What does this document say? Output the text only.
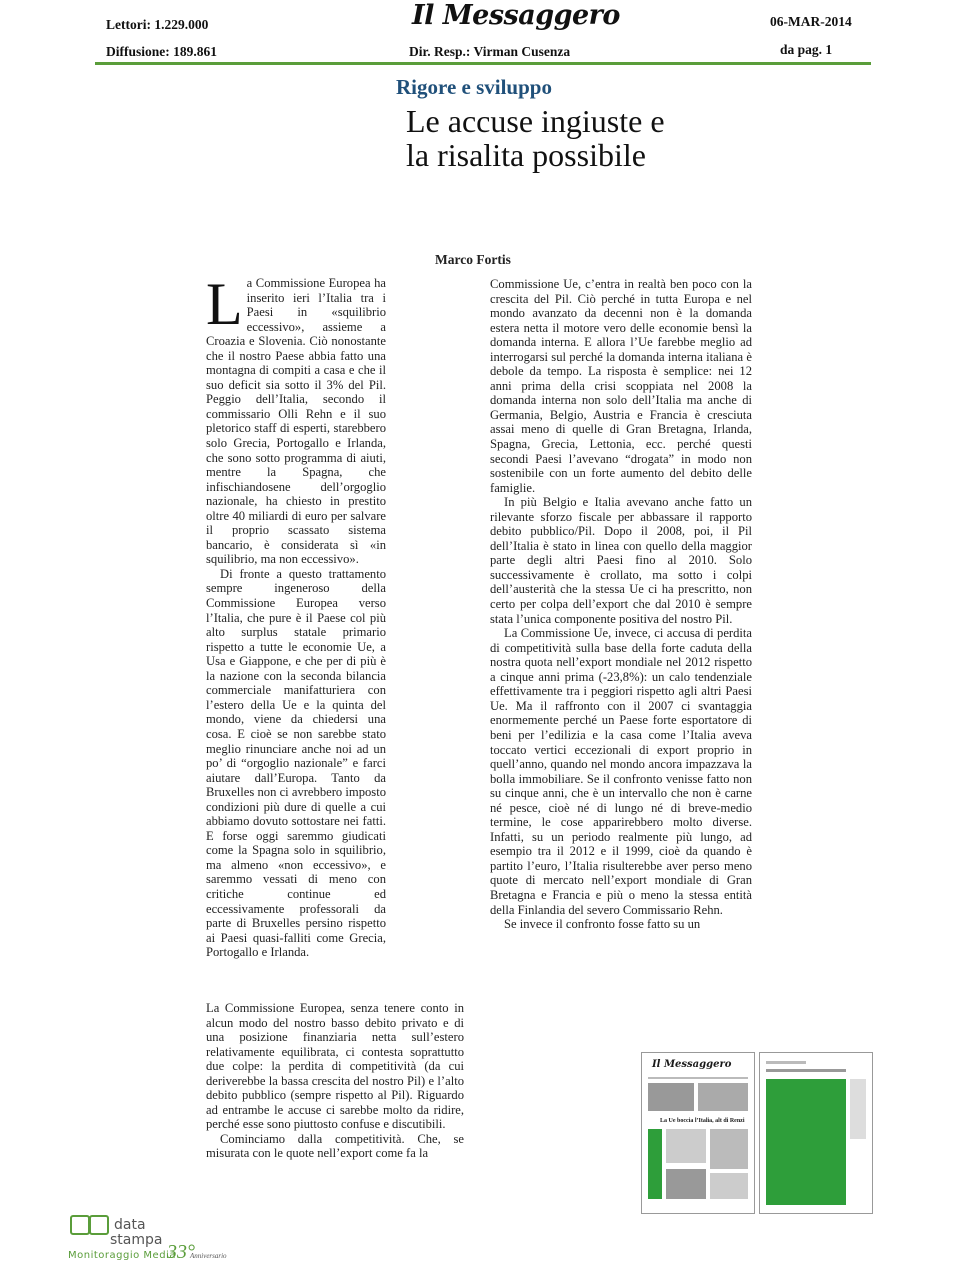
Lettori: 1.229.000
Diffusione: 189.861
Il Messaggero
Dir. Resp.: Virman Cusenza
06-MAR-2014
da pag. 1
Rigore e sviluppo
Le accuse ingiuste e la risalita possibile
Marco Fortis

La Commissione Europea ha inserito ieri l’Italia tra i Paesi in «squilibrio eccessivo», assieme a Croazia e Slovenia. Ciò nonostante che il nostro Paese abbia fatto una montagna di compiti a casa e che il suo deficit sia sotto il 3% del Pil. Peggio dell’Italia, secondo il commissario Olli Rehn e il suo pletorico staff di esperti, starebbero solo Grecia, Portogallo e Irlanda, che sono sotto programma di aiuti, mentre la Spagna, che infischiandosene dell’orgoglio nazionale, ha chiesto in prestito oltre 40 miliardi di euro per salvare il proprio scassato sistema bancario, è considerata sì «in squilibrio, ma non eccessivo».

Di fronte a questo trattamento sempre ingeneroso della Commissione Europea verso l’Italia, che pure è il Paese col più alto surplus statale primario rispetto a tutte le economie Ue, a Usa e Giappone, e che per di più è la nazione con la seconda bilancia commerciale manifatturiera con l’estero della Ue e la quinta del mondo, viene da chiedersi una cosa. E cioè se non sarebbe stato meglio rinunciare anche noi ad un po’ di “orgoglio nazionale” e farci aiutare dall’Europa. Tanto da Bruxelles non ci avrebbero imposto condizioni più dure di quelle a cui abbiamo dovuto sottostare nei fatti. E forse oggi saremmo giudicati come la Spagna solo in squilibrio, ma almeno «non eccessivo», e saremmo vessati di meno con critiche continue ed eccessivamente professorali da parte di Bruxelles persino rispetto ai Paesi quasi-falliti come Grecia, Portogallo e Irlanda.

La Commissione Europea, senza tenere conto in alcun modo del nostro basso debito privato e di una posizione finanziaria netta sull’estero relativamente equilibrata, ci contesta soprattutto due colpe: la perdita di competitività (da cui deriverebbe la bassa crescita del nostro Pil) e l’alto debito pubblico (sempre rispetto al Pil). Riguardo ad entrambe le accuse ci sarebbe molto da ridire, perché esse sono piuttosto confuse e discutibili.

Cominciamo dalla competitività. Che, se misurata con le quote nell’export come fa la

Commissione Ue, c’entra in realtà ben poco con la crescita del Pil. Ciò perché in tutta Europa e nel mondo avanzato da decenni non è la domanda estera netta il motore vero delle economie bensì la domanda interna. E allora l’Ue farebbe meglio ad interrogarsi sul perché la domanda interna italiana è debole da tempo. La risposta è semplice: nei 12 anni prima della crisi scoppiata nel 2008 la domanda interna non solo dell’Italia ma anche di Germania, Belgio, Austria e Francia è cresciuta assai meno di quelle di Gran Bretagna, Irlanda, Spagna, Grecia, Lettonia, ecc. perché questi secondi Paesi l’avevano “drogata” in modo non sostenibile con un forte aumento del debito delle famiglie.

In più Belgio e Italia avevano anche fatto un rilevante sforzo fiscale per abbassare il rapporto debito pubblico/Pil. Dopo il 2008, poi, il Pil dell’Italia è stato in linea con quello della maggior parte degli altri Paesi fino al 2010. Solo successivamente è crollato, ma sotto i colpi dell’austerità che la stessa Ue ci ha prescritto, non certo per colpa dell’export che dal 2010 è sempre stata l’unica componente positiva del nostro Pil.

La Commissione Ue, invece, ci accusa di perdita di competitività sulla base della forte caduta della nostra quota nell’export mondiale nel 2012 rispetto a cinque anni prima (-23,8%): un calo tendenziale effettivamente tra i peggiori rispetto agli altri Paesi Ue. Ma il raffronto con il 2007 ci svantaggia enormemente perché un Paese forte esportatore di beni per l’edilizia e la casa come l’Italia aveva toccato vertici eccezionali di export proprio in quell’anno, quando nel mondo ancora impazzava la bolla immobiliare. Se il confronto venisse fatto non su cinque anni, che è un intervallo che non è carne né pesce, cioè né di lungo né di breve-medio termine, le cose apparirebbero molto diverse. Infatti, su un periodo realmente più lungo, ad esempio tra il 2012 e il 1999, cioè da quando è partito l’euro, l’Italia risulterebbe aver perso meno quote di mercato nell’export mondiale di Gran Bretagna e Francia e più o meno la stessa entità della Finlandia del severo Commissario Rehn.

Se invece il confronto fosse fatto su un

Il Messaggero
La Ue boccia l’Italia, alt di Renzi
data
stampa
Monitoraggio Media
33°
Anniversario
